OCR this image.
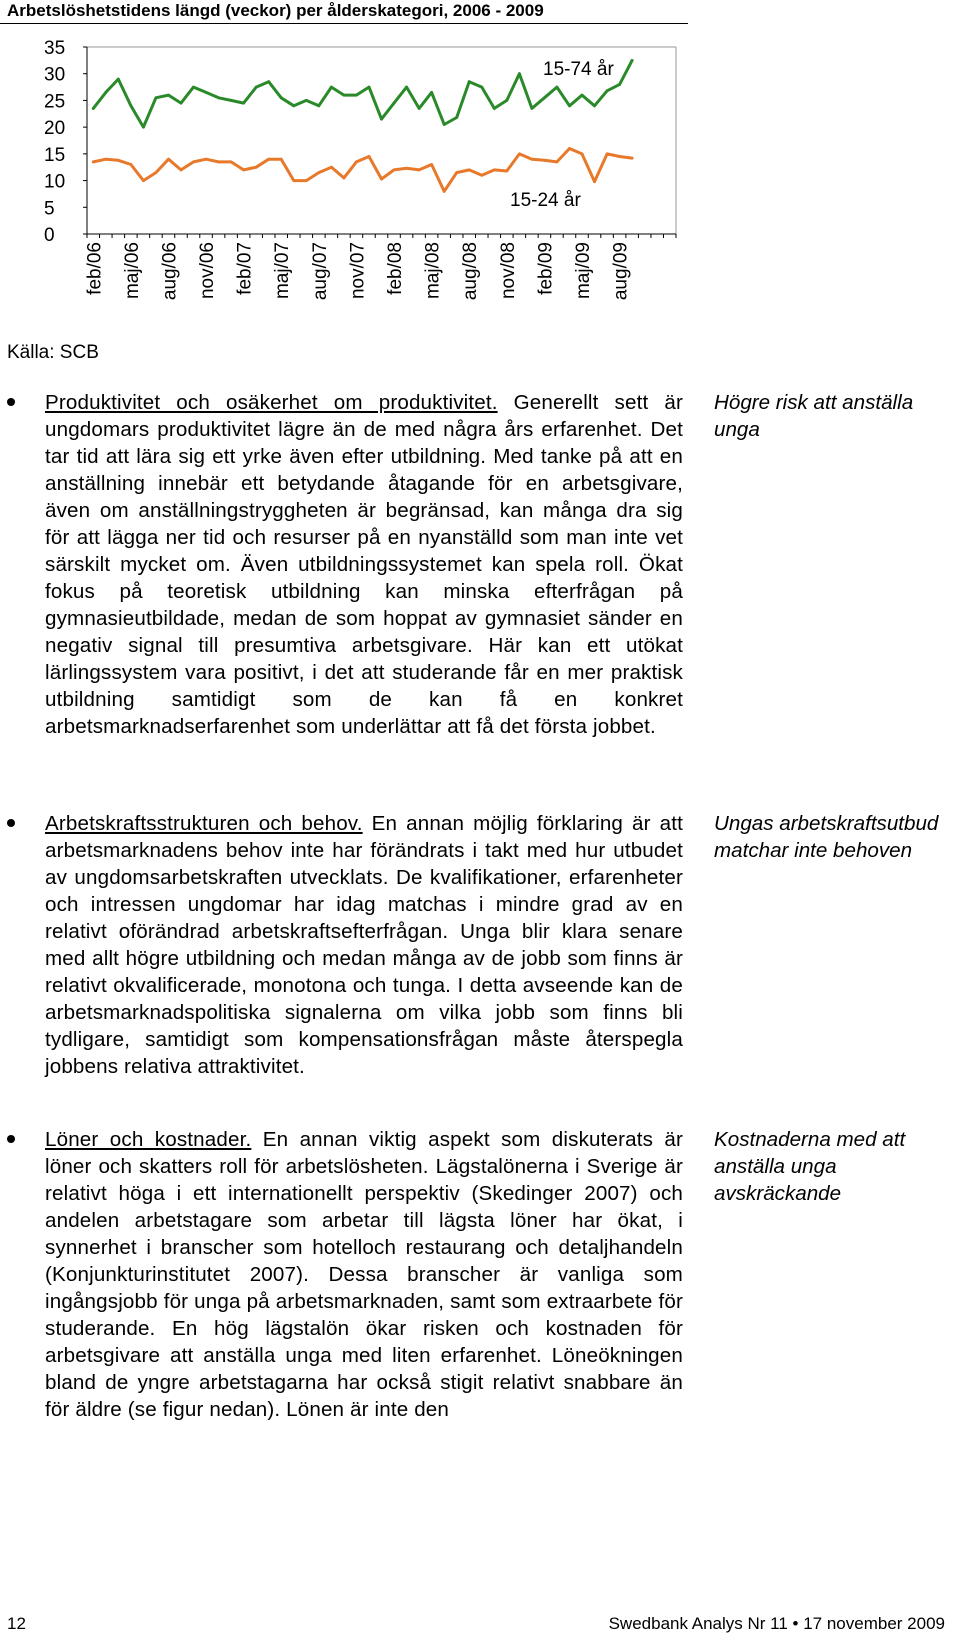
Arbetslöshetstidens längd (veckor) per ålderskategori, 2006 - 2009
35
30
25
20
15
10
5
0
feb/06 maj/06 aug/06 nov/06 feb/07 maj/07 aug/07 nov/07 feb/08 maj/08 aug/08 nov/08 feb/09 maj/09 aug/09
15-74 år
15-24 år
Källa: SCB
Produktivitet och osäkerhet om produktivitet. Generellt sett är ungdomars produktivitet lägre än de med några års erfarenhet. Det tar tid att lära sig ett yrke även efter utbildning. Med tanke på att en anställning innebär ett betydande åtagande för en arbetsgivare, även om anställningstryggheten är begränsad, kan många dra sig för att lägga ner tid och resurser på en nyanställd som man inte vet särskilt mycket om. Även utbildningssystemet kan spela roll. Ökat fokus på teoretisk utbildning kan minska efterfrågan på gymnasieutbildade, medan de som hoppat av gymnasiet sänder en negativ signal till presumtiva arbetsgivare. Här kan ett utökat lärlingssystem vara positivt, i det att studerande får en mer praktisk utbildning samtidigt som de kan få en konkret arbetsmarknadserfarenhet som underlättar att få det första jobbet.
Högre risk att anställa unga
Arbetskraftsstrukturen och behov. En annan möjlig förklaring är att arbetsmarknadens behov inte har förändrats i takt med hur utbudet av ungdomsarbetskraften utvecklats. De kvalifikationer, erfarenheter och intressen ungdomar har idag matchas i mindre grad av en relativt oförändrad arbetskraftsefterfrågan. Unga blir klara senare med allt högre utbildning och medan många av de jobb som finns är relativt okvalificerade, monotona och tunga. I detta avseende kan de arbetsmarknadspolitiska signalerna om vilka jobb som finns bli tydligare, samtidigt som kompensationsfrågan måste återspegla jobbens relativa attraktivitet.
Ungas arbetskraftsutbud matchar inte behoven
Löner och kostnader. En annan viktig aspekt som diskuterats är löner och skatters roll för arbetslösheten. Lägstalönerna i Sverige är relativt höga i ett internationellt perspektiv (Skedinger 2007) och andelen arbetstagare som arbetar till lägsta löner har ökat, i synnerhet i branscher som hotelloch restaurang och detaljhandeln (Konjunkturinstitutet 2007). Dessa branscher är vanliga som ingångsjobb för unga på arbetsmarknaden, samt som extraarbete för studerande. En hög lägstalön ökar risken och kostnaden för arbetsgivare att anställa unga med liten erfarenhet. Löneökningen bland de yngre arbetstagarna har också stigit relativt snabbare än för äldre (se figur nedan). Lönen är inte den
Kostnaderna med att anställa unga avskräckande
12	Swedbank Analys Nr 11 • 17 november 2009
